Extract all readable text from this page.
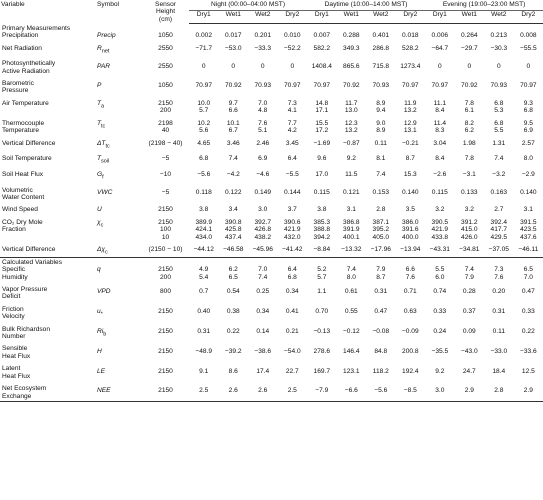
Variable	Symbol	Sensor
Height
(cm)	Night (00:00–04:00 MST)				Daytime (10:00–14:00 MST)				Evening (19:00–23:00 MST)			
			Dry1	Wet1	Wet2	Dry2	Dry1	Wet1	Wet2	Dry2	Dry1	Wet1	Wet2	Dry2
Primary Measurements														

Precipitation	Precip	1050	0.002	0.017	0.201	0.010	0.007	0.288	0.401	0.018	0.006	0.264	0.213	0.008

Net Radiation	$R_{net}$	2550	−71.7	−53.0	−33.3	−52.2	582.2	349.3	286.8	528.2	−64.7	−29.7	−30.3	−55.5

Photosynthetically
Active Radiation	PAR	2550	0	0	0	0	1408.4	865.6	715.8	1273.4	0	0	0	0

Barometric
Pressure	P	1050	70.97	70.92	70.93	70.97	70.97	70.92	70.93	70.97	70.97	70.92	70.93	70.97

Air Temperature	$T_a$	2150	10.0	9.7	7.0	7.3	14.8	11.7	8.9	11.9	11.1	7.8	6.8	9.3
		200	5.7	6.6	4.8	4.1	17.1	13.0	9.4	13.2	8.4	6.1	5.3	6.8

Thermocouple
Temperature	$T_{tc}$	2198	10.2	10.1	7.6	7.7	15.5	12.3	9.0	12.9	11.4	8.2	6.8	9.5
		40	5.6	6.7	5.1	4.2	17.2	13.2	8.9	13.1	8.3	6.2	5.5	6.9

Vertical Difference	$\Delta T_{tc}$	(2198 − 40)	4.65	3.46	2.46	3.45	−1.69	−0.87	0.11	−0.21	3.04	1.98	1.31	2.57

Soil Temperature	$T_{soil}$	−5	6.8	7.4	6.9	6.4	9.6	9.2	8.1	8.7	8.4	7.8	7.4	8.0

Soil Heat Flux	$G_f$	−10	−5.6	−4.2	−4.6	−5.5	17.0	11.5	7.4	15.3	−2.6	−3.1	−3.2	−2.9

Volumetric
Water Content	VWC	−5	0.118	0.122	0.149	0.144	0.115	0.121	0.153	0.140	0.115	0.133	0.163	0.140

Wind Speed	U	2150	3.8	3.4	3.0	3.7	3.8	3.1	2.8	3.5	3.2	3.2	2.7	3.1

CO₂ Dry Mole
Fraction	$\chi_c$	2150	389.9	390.8	392.7	390.6	385.3	386.8	387.1	386.0	390.5	391.2	392.4	391.5
		100	424.1	425.8	426.8	421.9	388.8	391.9	395.2	391.6	421.9	415.0	417.7	423.5
		10	434.0	437.4	438.2	432.0	394.2	400.1	405.0	400.0	433.8	426.0	429.5	437.6

Vertical Difference	$\Delta\chi_c$	(2150 − 10)	−44.12	−46.58	−45.96	−41.42	−8.84	−13.32	−17.96	−13.94	−43.31	−34.81	−37.05	−46.11
Calculated Variables														

Specific
Humidity	q	2150	4.9	6.2	7.0	6.4	5.2	7.4	7.9	6.6	5.5	7.4	7.3	6.5
		200	5.4	6.5	7.4	6.8	5.7	8.0	8.7	7.6	6.0	7.9	7.6	7.0

Vapor Pressure
Deficit	VPD	800	0.7	0.54	0.25	0.34	1.1	0.61	0.31	0.71	0.74	0.28	0.20	0.47

Friction
Velocity	$u_*$	2150	0.40	0.38	0.34	0.41	0.70	0.55	0.47	0.63	0.33	0.37	0.31	0.33

Bulk Richardson
Number	$Ri_b$	2150	0.31	0.22	0.14	0.21	−0.13	−0.12	−0.08	−0.09	0.24	0.09	0.11	0.22

Sensible
Heat Flux	H	2150	−48.9	−39.2	−38.6	−54.0	278.6	146.4	84.8	200.8	−35.5	−43.0	−33.0	−33.6

Latent
Heat Flux	LE	2150	9.1	8.6	17.4	22.7	169.7	123.1	118.2	192.4	9.2	24.7	18.4	12.5

Net Ecosystem
Exchange	NEE	2150	2.5	2.6	2.6	2.5	−7.9	−6.6	−5.6	−8.5	3.0	2.9	2.8	2.9
